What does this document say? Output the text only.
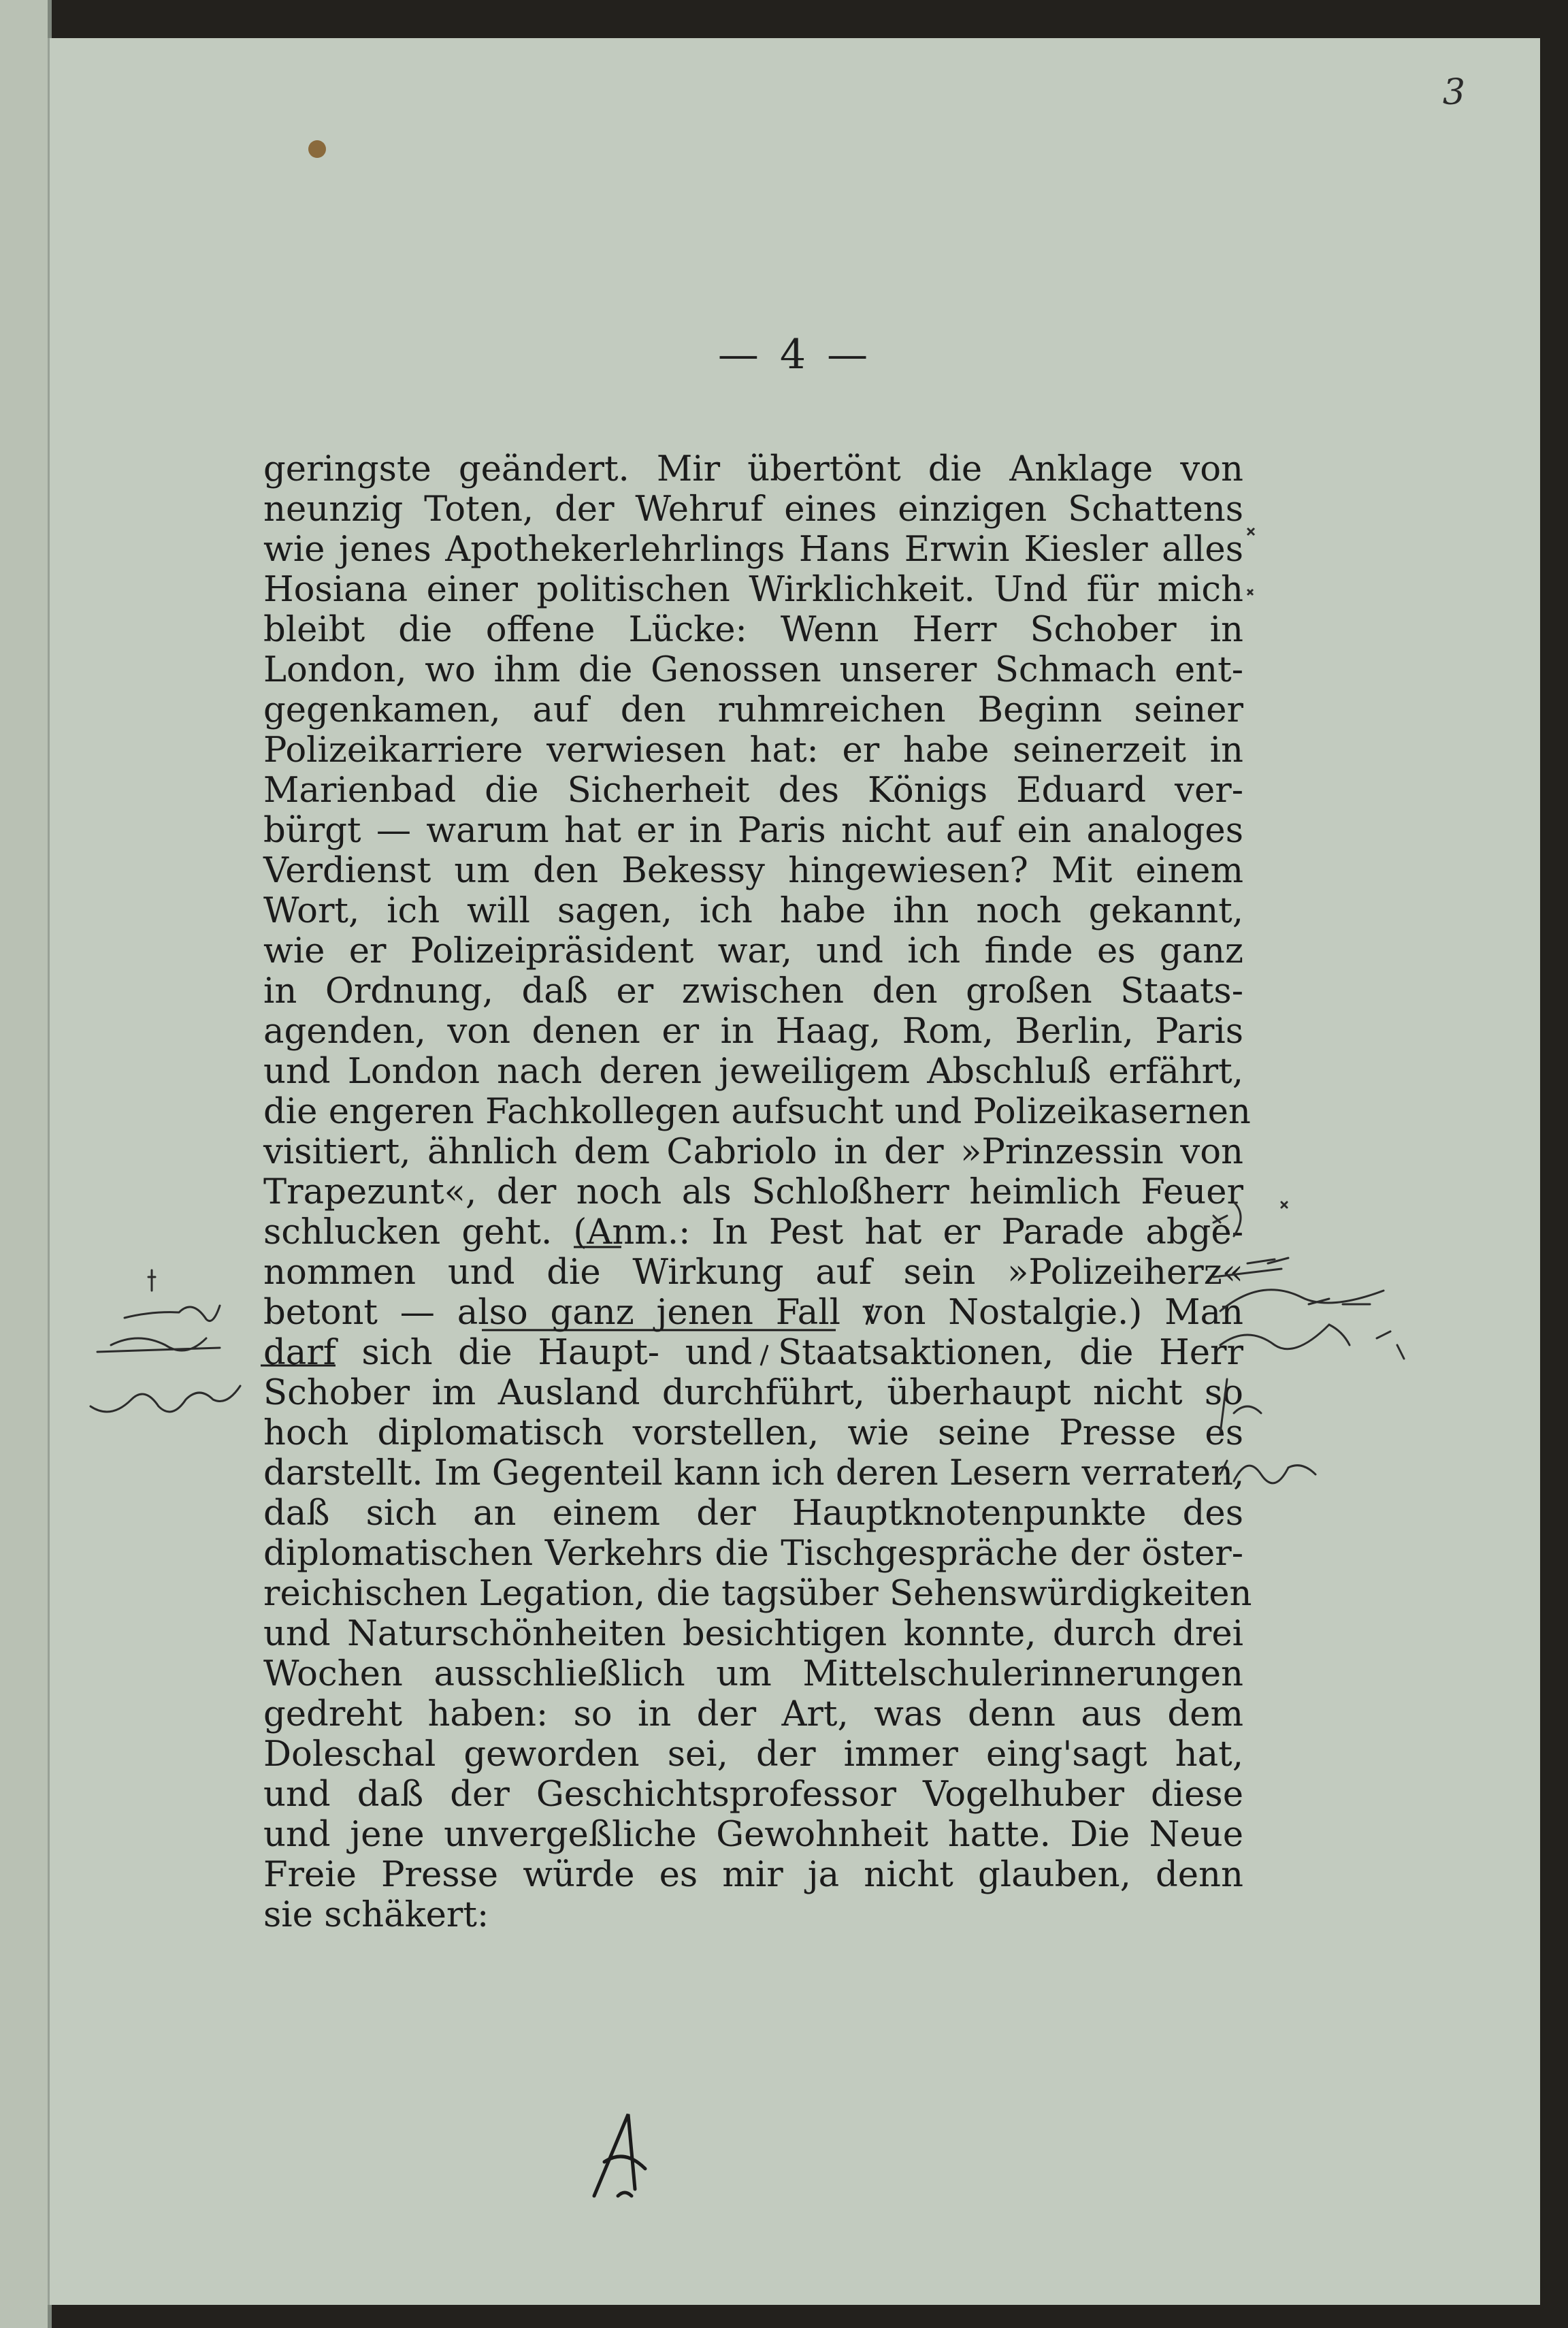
3
— 4 —
geringste geändert. Mir übertönt die Anklage von
neunzig Toten, der Wehruf eines einzigen Schattens
wie jenes Apothekerlehrlings Hans Erwin Kiesler alles
Hosiana einer politischen Wirklichkeit. Und für mich
bleibt die offene Lücke: Wenn Herr Schober in
London, wo ihm die Genossen unserer Schmach ent-
gegenkamen, auf den ruhmreichen Beginn seiner
Polizeikarriere verwiesen hat: er habe seinerzeit in
Marienbad die Sicherheit des Königs Eduard ver-
bürgt — warum hat er in Paris nicht auf ein analoges
Verdienst um den Bekessy hingewiesen? Mit einem
Wort, ich will sagen, ich habe ihn noch gekannt,
wie er Polizeipräsident war, und ich finde es ganz
in Ordnung, daß er zwischen den großen Staats-
agenden, von denen er in Haag, Rom, Berlin, Paris
und London nach deren jeweiligem Abschluß erfährt,
die engeren Fachkollegen aufsucht und Polizeikasernen
visitiert, ähnlich dem Cabriolo in der »Prinzessin von
Trapezunt«, der noch als Schloßherr heimlich Feuer
schlucken geht. (Anm.: In Pest hat er Parade abge-
nommen und die Wirkung auf sein »Polizeiherz«
betont — also ganz jenen Fall von Nostalgie.) Man
darf sich die Haupt- und Staatsaktionen, die Herr
Schober im Ausland durchführt, überhaupt nicht so
hoch diplomatisch vorstellen, wie seine Presse es
darstellt. Im Gegenteil kann ich deren Lesern verraten,
daß sich an einem der Hauptknotenpunkte des
diplomatischen Verkehrs die Tischgespräche der öster-
reichischen Legation, die tagsüber Sehenswürdigkeiten
und Naturschönheiten besichtigen konnte, durch drei
Wochen ausschließlich um Mittelschulerinnerungen
gedreht haben: so in der Art, was denn aus dem
Doleschal geworden sei, der immer eing'sagt hat,
und daß der Geschichtsprofessor Vogelhuber diese
und jene unvergeßliche Gewohnheit hatte. Die Neue
Freie Presse würde es mir ja nicht glauben, denn
sie schäkert:
